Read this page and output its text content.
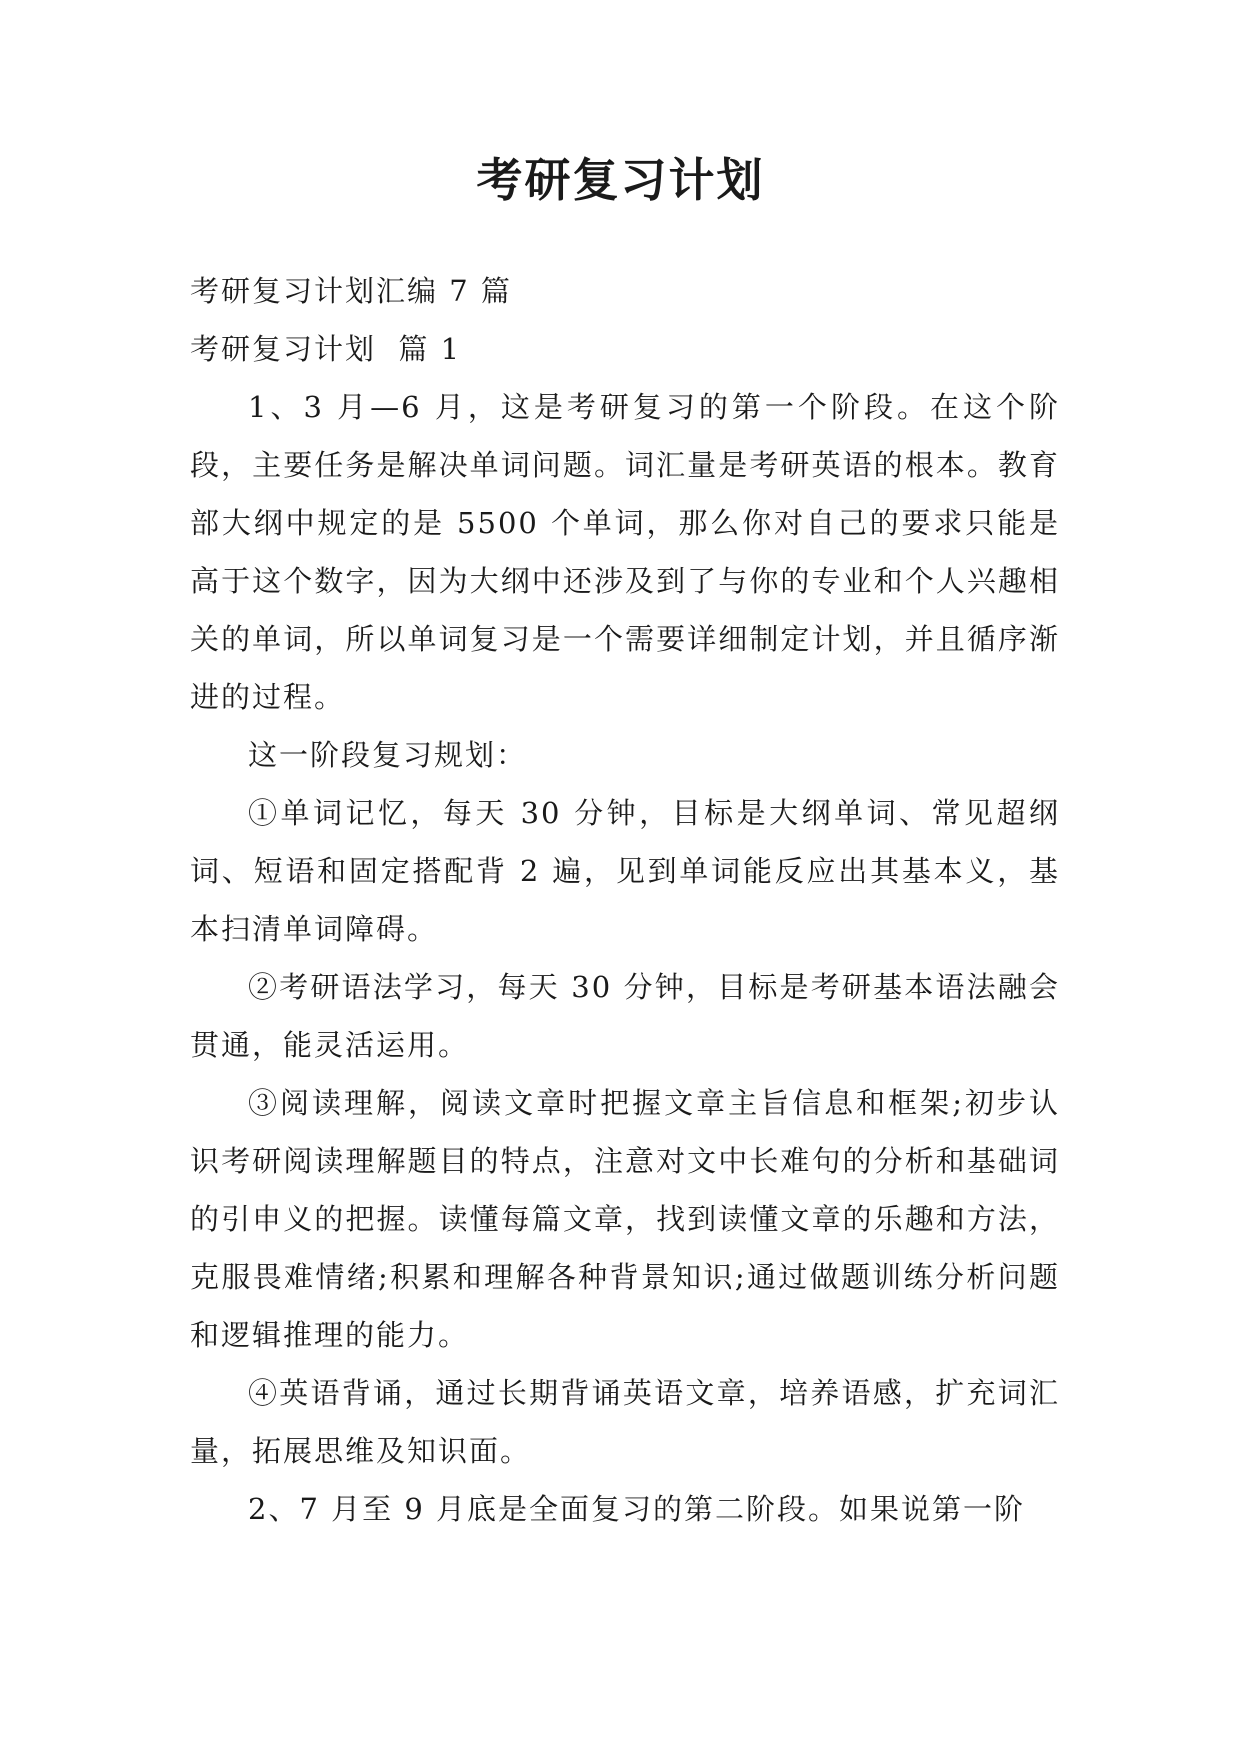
考研复习计划

考研复习计划汇编 7 篇

考研复习计划  篇 1

1、3 月—6 月，这是考研复习的第一个阶段。在这个阶段，主要任务是解决单词问题。词汇量是考研英语的根本。教育部大纲中规定的是 5500 个单词，那么你对自己的要求只能是高于这个数字，因为大纲中还涉及到了与你的专业和个人兴趣相关的单词，所以单词复习是一个需要详细制定计划，并且循序渐进的过程。

这一阶段复习规划：

①单词记忆，每天 30 分钟，目标是大纲单词、常见超纲词、短语和固定搭配背 2 遍，见到单词能反应出其基本义，基本扫清单词障碍。

②考研语法学习，每天 30 分钟，目标是考研基本语法融会贯通，能灵活运用。

③阅读理解，阅读文章时把握文章主旨信息和框架;初步认识考研阅读理解题目的特点，注意对文中长难句的分析和基础词的引申义的把握。读懂每篇文章，找到读懂文章的乐趣和方法，克服畏难情绪;积累和理解各种背景知识;通过做题训练分析问题和逻辑推理的能力。

④英语背诵，通过长期背诵英语文章，培养语感，扩充词汇量，拓展思维及知识面。

2、7 月至 9 月底是全面复习的第二阶段。如果说第一阶
